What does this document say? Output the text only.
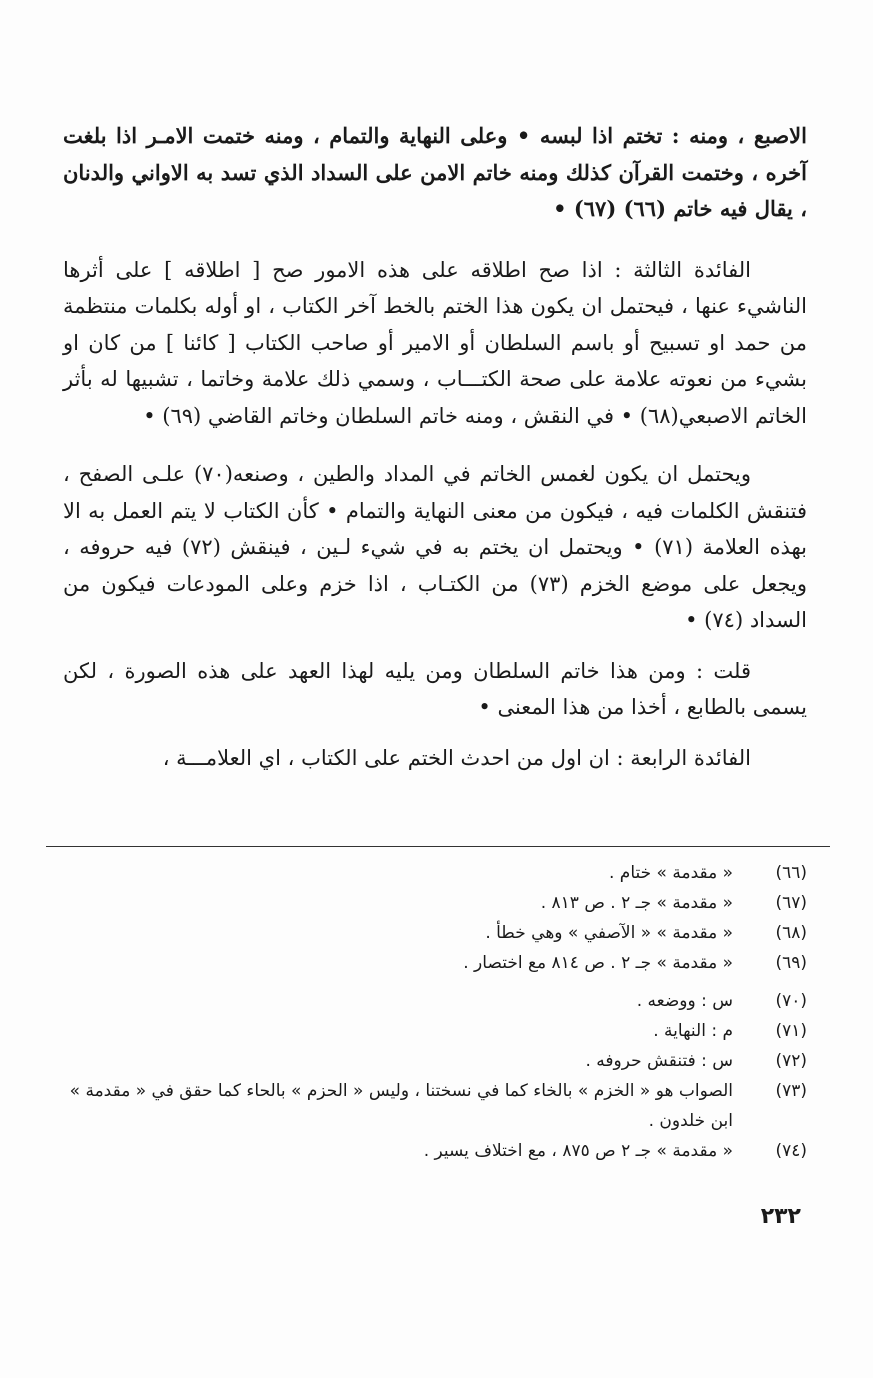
الاصبع ، ومنه : تختم اذا لبسه • وعلى النهاية والتمام ، ومنه ختمت الامـر اذا بلغت آخره ، وختمت القرآن كذلك ومنه خاتم الامن على السداد الذي تسد به الاواني والدنان ، يقال فيه خاتم (٦٦) (٦٧) •

الفائدة الثالثة : اذا صح اطلاقه على هذه الامور صح [ اطلاقه ] على أثرها الناشيء عنها ، فيحتمل ان يكون هذا الختم بالخط آخر الكتاب ، او أوله بكلمات منتظمة من حمد او تسبيح أو باسم السلطان أو الامير أو صاحب الكتاب [ كائنا ] من كان او بشيء من نعوته علامة على صحة الكتـــاب ، وسمي ذلك علامة وخاتما ، تشبيها له بأثر الخاتم الاصبعي(٦٨) • في النقش ، ومنه خاتم السلطان وخاتم القاضي (٦٩) •

ويحتمل ان يكون لغمس الخاتم في المداد والطين ، وصنعه(٧٠) علـى الصفح ، فتنقش الكلمات فيه ، فيكون من معنى النهاية والتمام • كأن الكتاب لا يتم العمل به الا بهذه العلامة (٧١) • ويحتمل ان يختم به في شيء لـين ، فينقش (٧٢) فيه حروفه ، ويجعل على موضع الخزم (٧٣) من الكتـاب ، اذا خزم وعلى المودعات فيكون من السداد (٧٤) •

قلت : ومن هذا خاتم السلطان ومن يليه لهذا العهد على هذه الصورة ، لكن يسمى بالطابع ، أخذا من هذا المعنى •

الفائدة الرابعة : ان اول من احدث الختم على الكتاب ، اي العلامـــة ،

(٦٦)
« مقدمة » ختام .
(٦٧)
« مقدمة » جـ ٢ . ص ٨١٣ .
(٦٨)
« مقدمة » « الآصفي » وهي خطأ .
(٦٩)
« مقدمة » جـ ٢ . ص ٨١٤ مع اختصار .
(٧٠)
س : ووضعه .
(٧١)
م : النهاية .
(٧٢)
س : فتنقش حروفه .
(٧٣)
الصواب هو « الخزم » بالخاء كما في نسختنا ، وليس « الحزم » بالحاء كما حقق في « مقدمة » ابن خلدون .
(٧٤)
« مقدمة » جـ ٢ ص ٨٧٥ ، مع اختلاف يسير .
٢٣٢
